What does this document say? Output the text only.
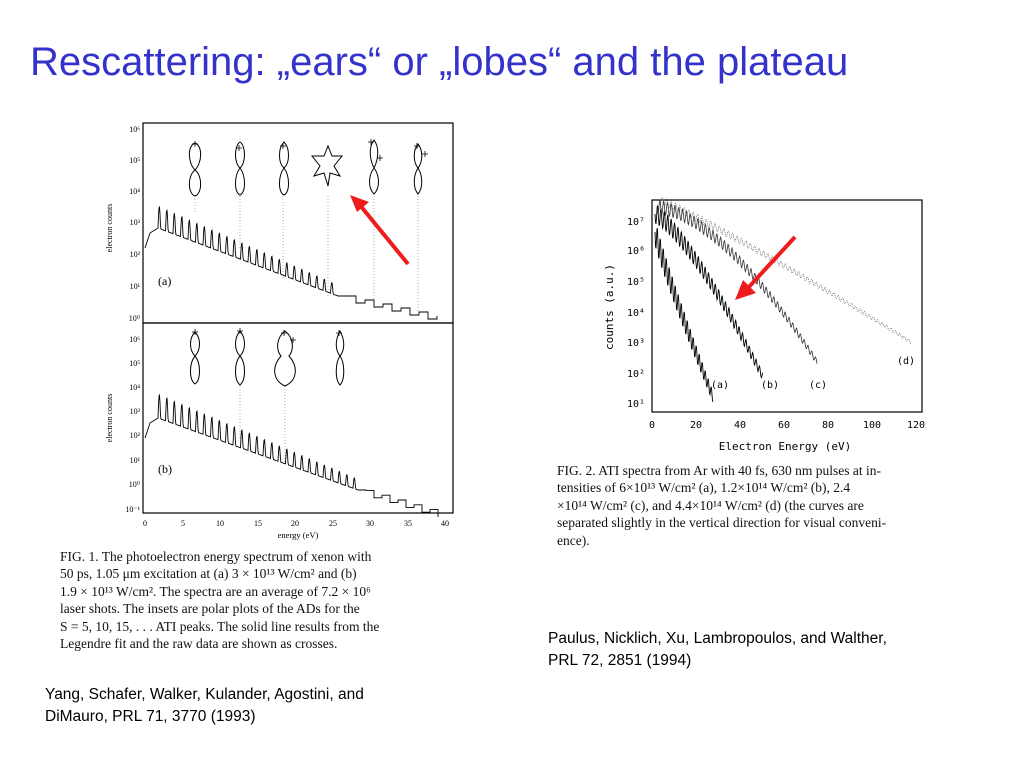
Rescattering: „ears“ or „lobes“ and the plateau
10⁶
10⁵
10⁴
10³
10²
10¹
10⁰
10⁶
10⁵
10⁴
10³
10²
10¹
10⁰
10⁻¹
electron counts
electron counts
0	5	10	15	20	25	30	35	40
energy (eV)
(a)
(b)
10⁷
10⁶
10⁵
10⁴
10³
10²
10¹
counts (a.u.)
0	20	40	60	80	100	120
Electron Energy (eV)
(a)	(b)	(c)
(d)

FIG. 1. The photoelectron energy spectrum of xenon with

50 ps, 1.05 μm excitation at (a) 3 × 10¹³ W/cm² and (b)

1.9 × 10¹³ W/cm². The spectra are an average of 7.2 × 10⁶

laser shots. The insets are polar plots of the ADs for the

S = 5, 10, 15, . . . ATI peaks. The solid line results from the

Legendre fit and the raw data are shown as crosses.

FIG. 2. ATI spectra from Ar with 40 fs, 630 nm pulses at in-

tensities of 6×10¹³ W/cm² (a), 1.2×10¹⁴ W/cm² (b), 2.4

×10¹⁴ W/cm² (c), and 4.4×10¹⁴ W/cm² (d) (the curves are

separated slightly in the vertical direction for visual conveni-

ence).

Yang, Schafer, Walker, Kulander, Agostini, and
DiMauro, PRL 71, 3770 (1993)
Paulus, Nicklich, Xu, Lambropoulos, and Walther,
PRL 72, 2851 (1994)
